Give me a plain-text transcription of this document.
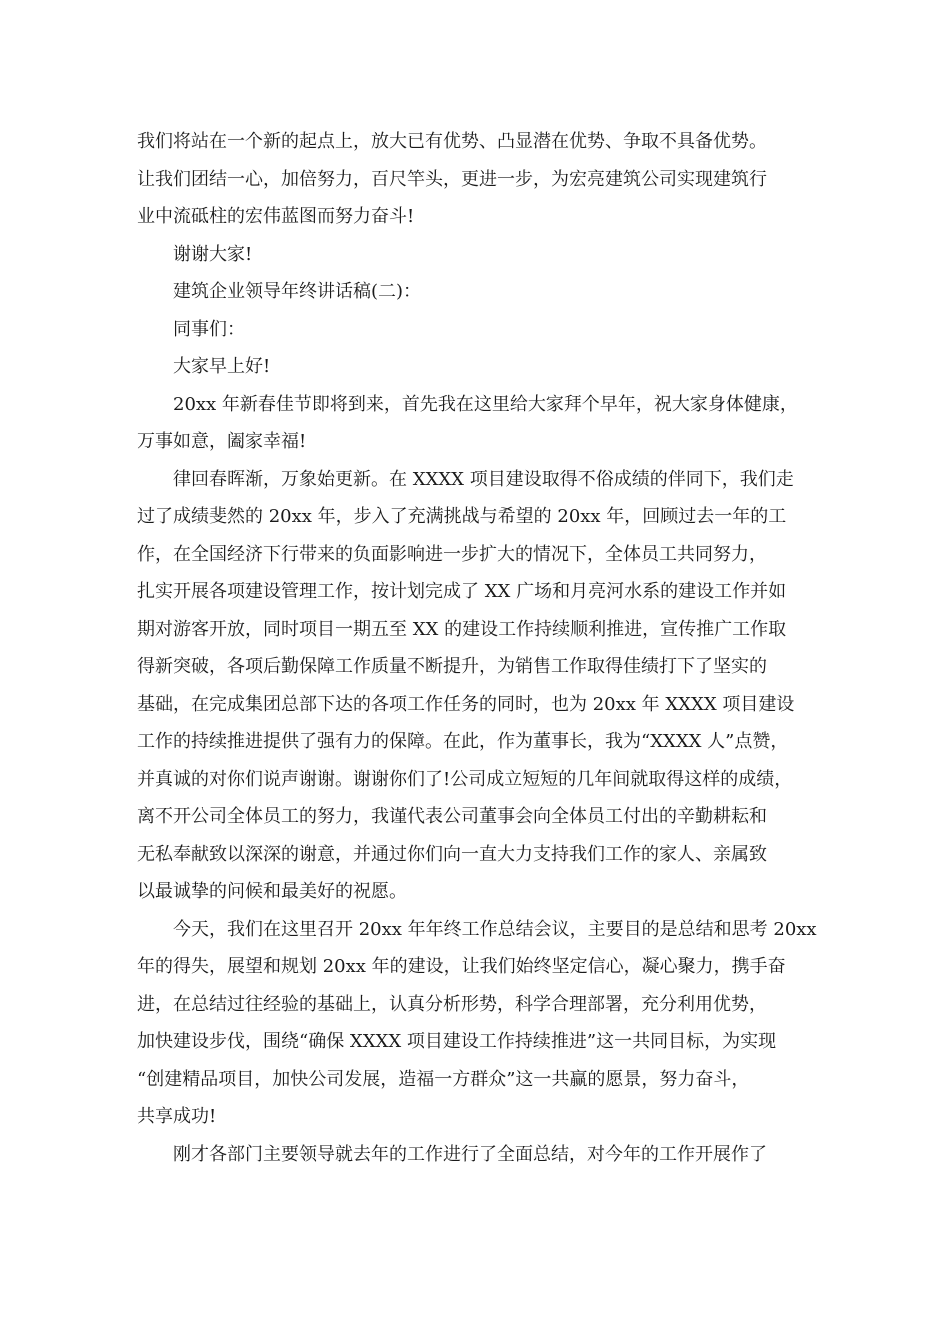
我们将站在一个新的起点上，放大已有优势、凸显潜在优势、争取不具备优势。
让我们团结一心，加倍努力，百尺竿头，更进一步，为宏亮建筑公司实现建筑行
业中流砥柱的宏伟蓝图而努力奋斗!
谢谢大家!
建筑企业领导年终讲话稿(二)：
同事们：
大家早上好!
20xx 年新春佳节即将到来，首先我在这里给大家拜个早年，祝大家身体健康，
万事如意，阖家幸福!
律回春晖渐，万象始更新。在 XXXX 项目建设取得不俗成绩的伴同下，我们走
过了成绩斐然的 20xx 年，步入了充满挑战与希望的 20xx 年，回顾过去一年的工
作，在全国经济下行带来的负面影响进一步扩大的情况下，全体员工共同努力，
扎实开展各项建设管理工作，按计划完成了 XX 广场和月亮河水系的建设工作并如
期对游客开放，同时项目一期五至 XX 的建设工作持续顺利推进，宣传推广工作取
得新突破，各项后勤保障工作质量不断提升，为销售工作取得佳绩打下了坚实的
基础，在完成集团总部下达的各项工作任务的同时，也为 20xx 年 XXXX 项目建设
工作的持续推进提供了强有力的保障。在此，作为董事长，我为“XXXX 人”点赞，
并真诚的对你们说声谢谢。谢谢你们了!公司成立短短的几年间就取得这样的成绩，
离不开公司全体员工的努力，我谨代表公司董事会向全体员工付出的辛勤耕耘和
无私奉献致以深深的谢意，并通过你们向一直大力支持我们工作的家人、亲属致
以最诚挚的问候和最美好的祝愿。
今天，我们在这里召开 20xx 年年终工作总结会议，主要目的是总结和思考 20xx
年的得失，展望和规划 20xx 年的建设，让我们始终坚定信心，凝心聚力，携手奋
进，在总结过往经验的基础上，认真分析形势，科学合理部署，充分利用优势，
加快建设步伐，围绕“确保 XXXX 项目建设工作持续推进”这一共同目标，为实现
“创建精品项目，加快公司发展，造福一方群众”这一共赢的愿景，努力奋斗，
共享成功!
刚才各部门主要领导就去年的工作进行了全面总结，对今年的工作开展作了
